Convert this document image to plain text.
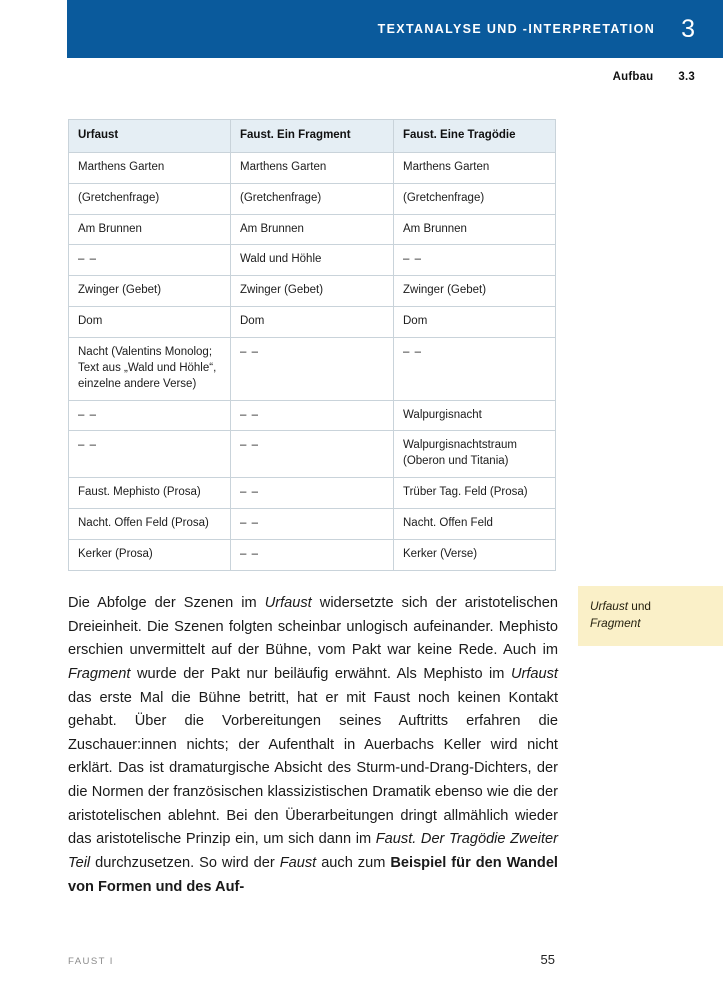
TEXTANALYSE UND -INTERPRETATION 3
Aufbau 3.3
Urfaust	Faust. Ein Fragment	Faust. Eine Tragödie
Marthens Garten	Marthens Garten	Marthens Garten
(Gretchenfrage)	(Gretchenfrage)	(Gretchenfrage)
Am Brunnen	Am Brunnen	Am Brunnen
– –	Wald und Höhle	– –
Zwinger (Gebet)	Zwinger (Gebet)	Zwinger (Gebet)
Dom	Dom	Dom
Nacht (Valentins Monolog; Text aus „Wald und Höhle“, einzelne andere Verse)	– –	– –
– –	– –	Walpurgisnacht
– –	– –	Walpurgisnachtstraum (Oberon und Titania)
Faust. Mephisto (Prosa)	– –	Trüber Tag. Feld (Prosa)
Nacht. Offen Feld (Prosa)	– –	Nacht. Offen Feld
Kerker (Prosa)	– –	Kerker (Verse)
Die Abfolge der Szenen im Urfaust widersetzte sich der aristotelischen Dreieinheit. Die Szenen folgten scheinbar unlogisch aufeinander. Mephisto erschien unvermittelt auf der Bühne, vom Pakt war keine Rede. Auch im Fragment wurde der Pakt nur beiläufig erwähnt. Als Mephisto im Urfaust das erste Mal die Bühne betritt, hat er mit Faust noch keinen Kontakt gehabt. Über die Vorbereitungen seines Auftritts erfahren die Zuschauer:innen nichts; der Aufenthalt in Auerbachs Keller wird nicht erklärt. Das ist dramaturgische Absicht des Sturm-und-Drang-Dichters, der die Normen der französischen klassizistischen Dramatik ebenso wie die der aristotelischen ablehnt. Bei den Überarbeitungen dringt allmählich wieder das aristotelische Prinzip ein, um sich dann im Faust. Der Tragödie Zweiter Teil durchzusetzen. So wird der Faust auch zum Beispiel für den Wandel von Formen und des Auf-
Urfaust und
Fragment
FAUST I	55
